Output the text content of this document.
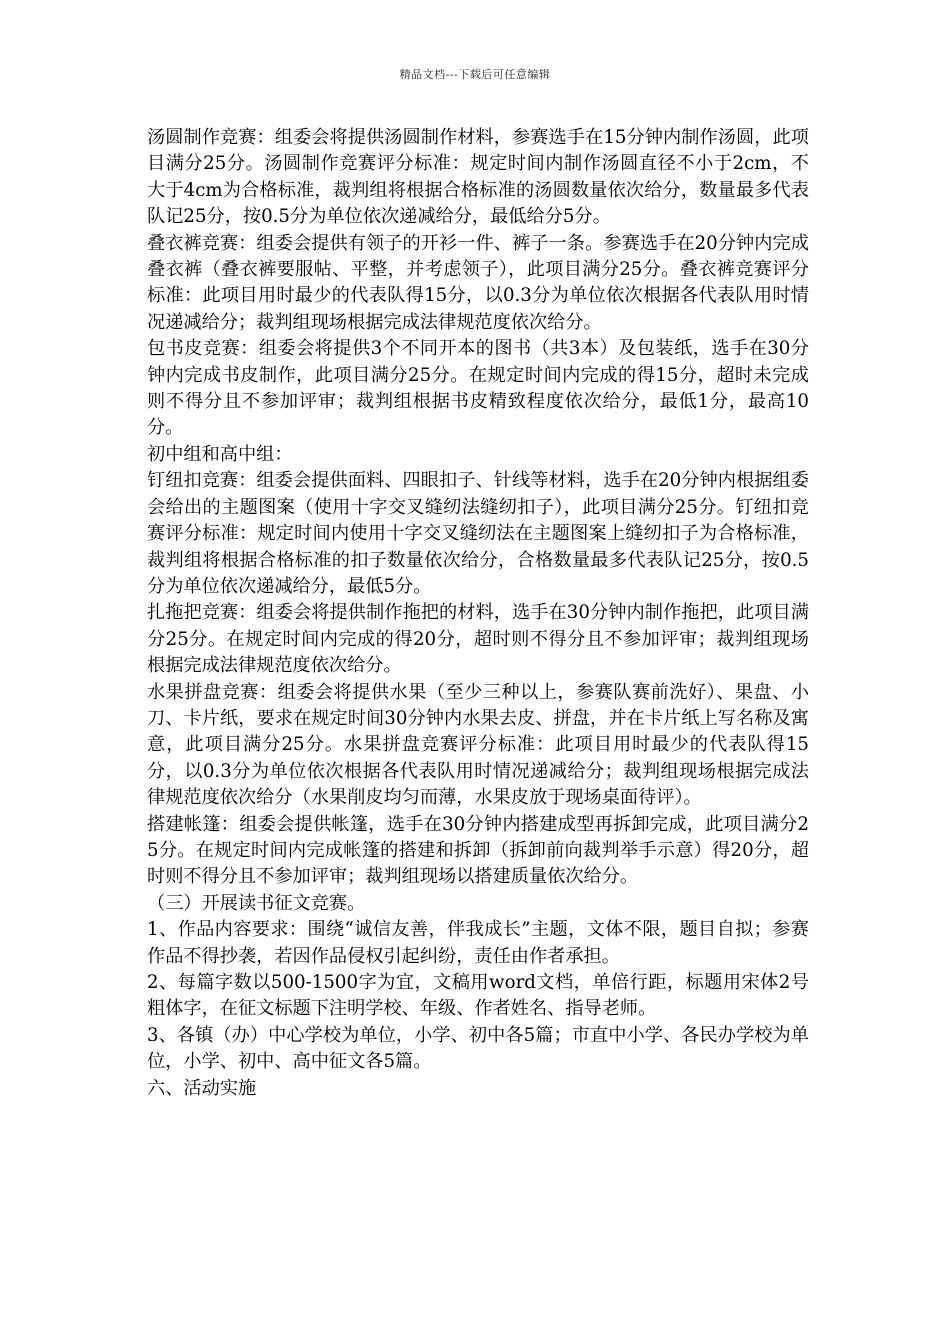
精品文档---下载后可任意编辑

汤圆制作竞赛：组委会将提供汤圆制作材料，参赛选手在15分钟内制作汤圆，此项目满分25分。汤圆制作竞赛评分标准：规定时间内制作汤圆直径不小于2cm，不大于4cm为合格标准，裁判组将根据合格标准的汤圆数量依次给分，数量最多代表队记25分，按0.5分为单位依次递减给分，最低给分5分。

叠衣裤竞赛：组委会提供有领子的开衫一件、裤子一条。参赛选手在20分钟内完成叠衣裤（叠衣裤要服帖、平整，并考虑领子），此项目满分25分。叠衣裤竞赛评分标准：此项目用时最少的代表队得15分，以0.3分为单位依次根据各代表队用时情况递减给分；裁判组现场根据完成法律规范度依次给分。

包书皮竞赛：组委会将提供3个不同开本的图书（共3本）及包装纸，选手在30分钟内完成书皮制作，此项目满分25分。在规定时间内完成的得15分，超时未完成则不得分且不参加评审；裁判组根据书皮精致程度依次给分，最低1分，最高10分。

初中组和高中组：

钉纽扣竞赛：组委会提供面料、四眼扣子、针线等材料，选手在20分钟内根据组委会给出的主题图案（使用十字交叉缝纫法缝纫扣子），此项目满分25分。钉纽扣竞赛评分标准：规定时间内使用十字交叉缝纫法在主题图案上缝纫扣子为合格标准，裁判组将根据合格标准的扣子数量依次给分，合格数量最多代表队记25分，按0.5分为单位依次递减给分，最低5分。

扎拖把竞赛：组委会将提供制作拖把的材料，选手在30分钟内制作拖把，此项目满分25分。在规定时间内完成的得20分，超时则不得分且不参加评审；裁判组现场根据完成法律规范度依次给分。

水果拼盘竞赛：组委会将提供水果（至少三种以上，参赛队赛前洗好）、果盘、小刀、卡片纸，要求在规定时间30分钟内水果去皮、拼盘，并在卡片纸上写名称及寓意，此项目满分25分。水果拼盘竞赛评分标准：此项目用时最少的代表队得15分，以0.3分为单位依次根据各代表队用时情况递减给分；裁判组现场根据完成法律规范度依次给分（水果削皮均匀而薄，水果皮放于现场桌面待评）。

搭建帐篷：组委会提供帐篷，选手在30分钟内搭建成型再拆卸完成，此项目满分25分。在规定时间内完成帐篷的搭建和拆卸（拆卸前向裁判举手示意）得20分，超时则不得分且不参加评审；裁判组现场以搭建质量依次给分。

（三）开展读书征文竞赛。

1、作品内容要求：围绕“诚信友善，伴我成长”主题，文体不限，题目自拟；参赛作品不得抄袭，若因作品侵权引起纠纷，责任由作者承担。

2、每篇字数以500-1500字为宜，文稿用word文档，单倍行距，标题用宋体2号粗体字，在征文标题下注明学校、年级、作者姓名、指导老师。

3、各镇（办）中心学校为单位，小学、初中各5篇；市直中小学、各民办学校为单位，小学、初中、高中征文各5篇。

六、活动实施
